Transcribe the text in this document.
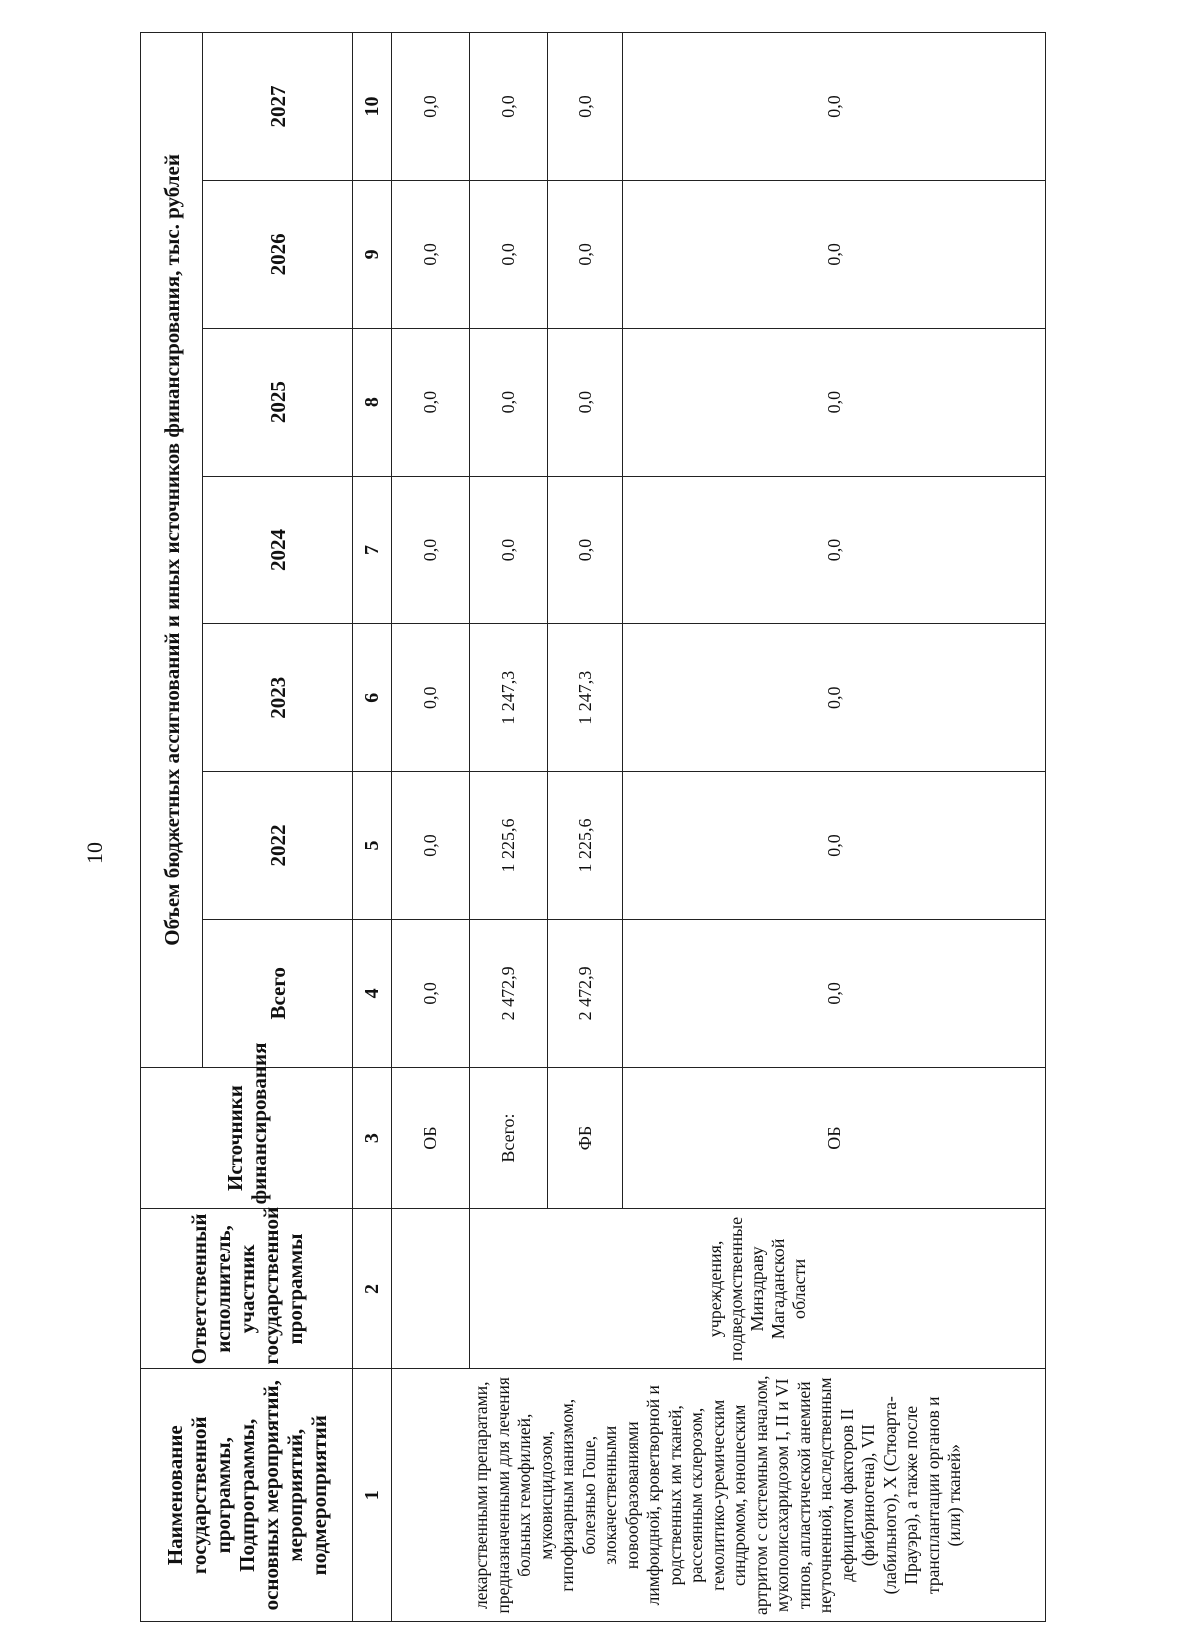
10
Наименование государственной программы, Подпрограммы, основных мероприятий, мероприятий, подмероприятий	Ответственный исполнитель, участник государственной программы	Источники финансирования	Объем бюджетных ассигнований и иных источников финансирования, тыс. рублей						
			Всего	2022	2023	2024	2025	2026	2027
1	2	3	4	5	6	7	8	9	10
лекарственными препаратами, предназначенными для лечения больных гемофилией, муковисцидозом, гипофизарным нанизмом, болезнью Гоше, злокачественными новообразованиями лимфоидной, кроветворной и родственных им тканей, рассеянным склерозом, гемолитико-уремическим синдромом, юношеским артритом с системным началом, мукополисахаридозом I, II и VI типов, апластической анемией неуточненной, наследственным дефицитом факторов II (фибриногена), VII (лабильного), X (Стюарта-Прауэра), а также после трансплантации органов и (или) тканей»		ОБ	0,0	0,0	0,0	0,0	0,0	0,0	0,0
	учреждения, подведомственные Минздраву Магаданской области	Всего:	2 472,9	1 225,6	1 247,3	0,0	0,0	0,0	0,0
		ФБ	2 472,9	1 225,6	1 247,3	0,0	0,0	0,0	0,0
		ОБ	0,0	0,0	0,0	0,0	0,0	0,0	0,0
